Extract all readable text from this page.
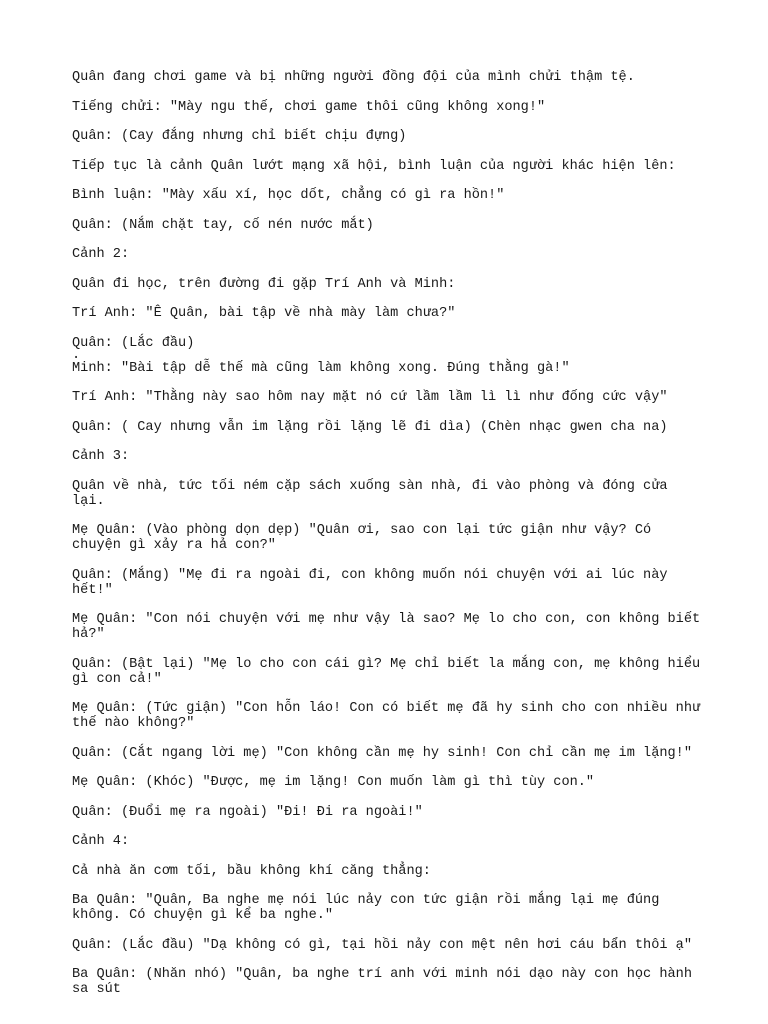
Quân đang chơi game và bị những người đồng đội của mình chửi thậm tệ.

Tiếng chửi: "Mày ngu thế, chơi game thôi cũng không xong!"

Quân: (Cay đắng nhưng chỉ biết chịu đựng)

Tiếp tục là cảnh Quân lướt mạng xã hội, bình luận của người khác hiện lên:

Bình luận: "Mày xấu xí, học dốt, chẳng có gì ra hồn!"

Quân: (Nắm chặt tay, cố nén nước mắt)

Cảnh 2:

Quân đi học, trên đường đi gặp Trí Anh và Minh:

Trí Anh: "Ê Quân, bài tập về nhà mày làm chưa?"

Quân: (Lắc đầu)

.

Minh: "Bài tập dễ thế mà cũng làm không xong. Đúng thằng gà!"

Trí Anh: "Thằng này sao hôm nay mặt nó cứ lầm lầm lì lì như đống cức vậy"

Quân: ( Cay nhưng vẫn im lặng rồi lặng lẽ đi dìa) (Chèn nhạc gwen cha na)

Cảnh 3:

Quân về nhà, tức tối ném cặp sách xuống sàn nhà, đi vào phòng và đóng cửa lại.

Mẹ Quân: (Vào phòng dọn dẹp) "Quân ơi, sao con lại tức giận như vậy? Có chuyện gì xảy ra hả con?"

Quân: (Mắng) "Mẹ đi ra ngoài đi, con không muốn nói chuyện với ai lúc này hết!"

Mẹ Quân: "Con nói chuyện với mẹ như vậy là sao? Mẹ lo cho con, con không biết hả?"

Quân: (Bật lại) "Mẹ lo cho con cái gì? Mẹ chỉ biết la mắng con, mẹ không hiểu gì con cả!"

Mẹ Quân: (Tức giận) "Con hỗn láo! Con có biết mẹ đã hy sinh cho con nhiều như thế nào không?"

Quân: (Cắt ngang lời mẹ) "Con không cần mẹ hy sinh! Con chỉ cần mẹ im lặng!"

Mẹ Quân: (Khóc) "Được, mẹ im lặng! Con muốn làm gì thì tùy con."

Quân: (Đuổi mẹ ra ngoài) "Đi! Đi ra ngoài!"

Cảnh 4:

Cả nhà ăn cơm tối, bầu không khí căng thẳng:

Ba Quân: "Quân, Ba nghe mẹ nói lúc nảy con tức giận rồi mắng lại mẹ đúng không. Có chuyện gì kể ba nghe."

Quân: (Lắc đầu) "Dạ không có gì, tại hồi nảy con mệt nên hơi cáu bẩn thôi ạ"

Ba Quân: (Nhăn nhó) "Quân, ba nghe trí anh với minh nói dạo này con học hành sa sút
